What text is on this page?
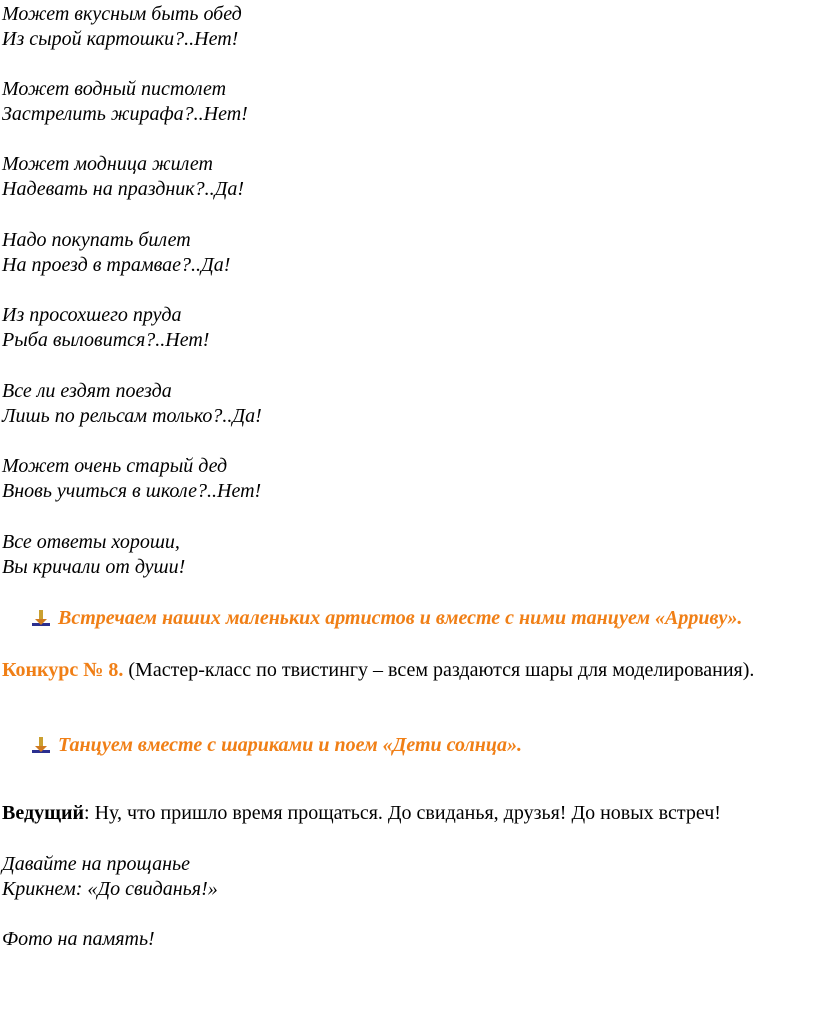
Может вкусным быть обед
Из сырой картошки?..Нет!
Может водный пистолет
Застрелить жирафа?..Нет!
Может модница жилет
Надевать на праздник?..Да!
Надо покупать билет
На проезд в трамвае?..Да!
Из просохшего пруда
Рыба выловится?..Нет!
Все ли ездят поезда
Лишь по рельсам только?..Да!
Может очень старый дед
Вновь учиться в школе?..Нет!
Все ответы хороши,
Вы кричали от души!
Встречаем наших маленьких артистов и вместе с ними танцуем «Арриву».
Конкурс № 8. (Мастер-класс по твистингу – всем раздаются шары для моделирования).
Танцуем вместе с шариками и поем «Дети солнца».
Ведущий: Ну, что пришло время прощаться. До свиданья, друзья! До новых встреч!
Давайте на прощанье
Крикнем: «До свиданья!»
Фото на память!
